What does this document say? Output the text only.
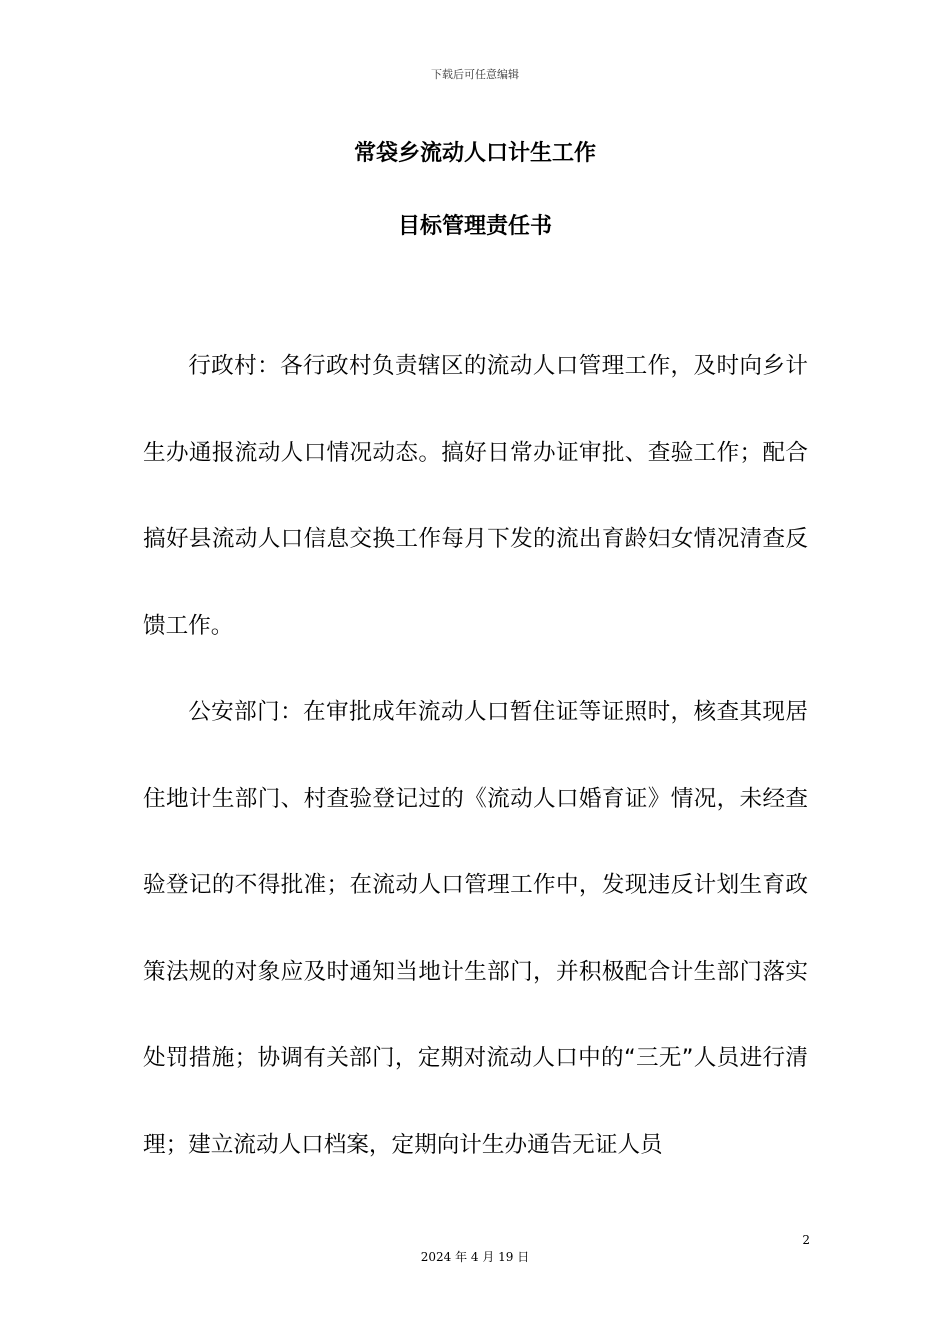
下载后可任意编辑
常袋乡流动人口计生工作
目标管理责任书

行政村：各行政村负责辖区的流动人口管理工作，及时向乡计生办通报流动人口情况动态。搞好日常办证审批、查验工作；配合搞好县流动人口信息交换工作每月下发的流出育龄妇女情况清查反馈工作。

公安部门：在审批成年流动人口暂住证等证照时，核查其现居住地计生部门、村查验登记过的《流动人口婚育证》情况，未经查验登记的不得批准；在流动人口管理工作中，发现违反计划生育政策法规的对象应及时通知当地计生部门，并积极配合计生部门落实处罚措施；协调有关部门，定期对流动人口中的“三无”人员进行清理；建立流动人口档案，定期向计生办通告无证人员

2
2024 年 4 月 19 日
